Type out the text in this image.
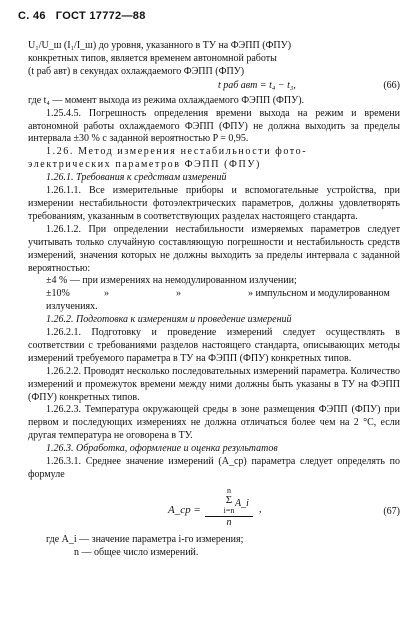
С. 46 ГОСТ 17772—88
U₁/U_ш (I₁/I_ш) до уровня, указанного в ТУ на ФЭПП (ФПУ)
конкретных типов, является временем автономной работы
(t раб авт) в секундах охлаждаемого ФЭПП (ФПУ)
t раб авт = t₄ − t₃,	(66)
где t₄ — момент выхода из режима охлаждаемого ФЭПП (ФПУ).
1.25.4.5. Погрешность определения времени выхода на режим и времени автономной работы охлаждаемого ФЭПП (ФПУ) не должна выходить за пределы интервала ±30 % с заданной вероятностью P = 0,95.
1.26. Метод измерения нестабильности фото-
электрических параметров ФЭПП (ФПУ)
1.26.1. Требования к средствам измерений
1.26.1.1. Все измерительные приборы и вспомогательные устройства, при измерении нестабильности фотоэлектрических параметров, должны удовлетворять требованиям, указанным в соответствующих разделах настоящего стандарта.
1.26.1.2. При определении нестабильности измеряемых параметров следует учитывать только случайную составляющую погрешности и нестабильность средств измерений, значения которых не должны выходить за пределы интервала с заданной вероятностью:
±4 % — при измерениях на немодулированном излучении;
±10%	»	»	» импульсном и модулированном излучениях.
1.26.2. Подготовка к измерениям и проведение измерений
1.26.2.1. Подготовку и проведение измерений следует осуществлять в соответствии с требованиями разделов настоящего стандарта, описывающих методы измерений требуемого параметра в ТУ на ФЭПП (ФПУ) конкретных типов.
1.26.2.2. Проводят несколько последовательных измерений параметра. Количество измерений и промежуток времени между ними должны быть указаны в ТУ на ФЭПП (ФПУ) конкретных типов.
1.26.2.3. Температура окружающей среды в зоне размещения ФЭПП (ФПУ) при первом и последующих измерениях не должна отличаться более чем на 2 °С, если другая температура не оговорена в ТУ.
1.26.3. Обработка, оформление и оценка результатов
1.26.3.1. Среднее значение измерений (A_ср) параметра следует определять по формуле
A_ср =
n
Σ A_i
i=n
n
,	(67)
где A_i — значение параметра i-го измерения;
n — общее число измерений.
